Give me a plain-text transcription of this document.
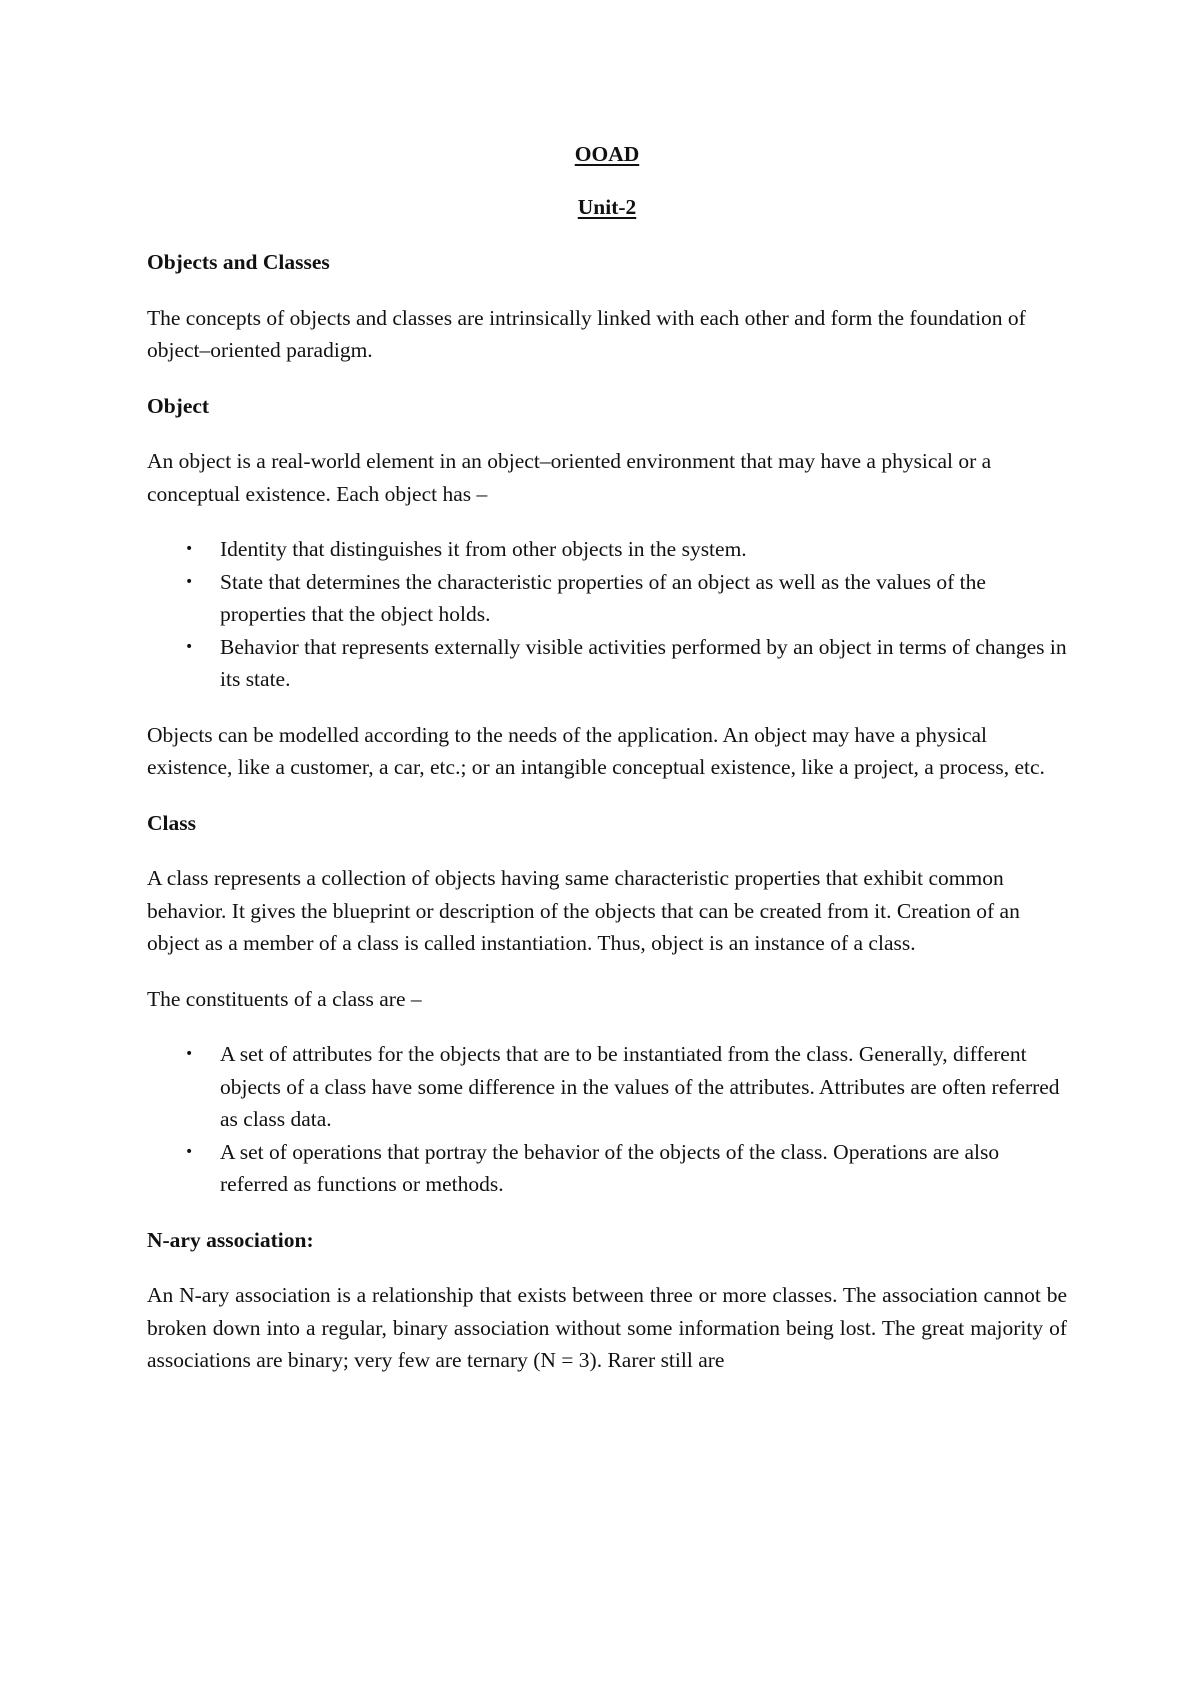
OOAD
Unit-2
Objects and Classes

The concepts of objects and classes are intrinsically linked with each other and form the foundation of object–oriented paradigm.

Object

An object is a real-world element in an object–oriented environment that may have a physical or a conceptual existence. Each object has –

• Identity that distinguishes it from other objects in the system.
• State that determines the characteristic properties of an object as well as the values of the properties that the object holds.
• Behavior that represents externally visible activities performed by an object in terms of changes in its state.

Objects can be modelled according to the needs of the application. An object may have a physical existence, like a customer, a car, etc.; or an intangible conceptual existence, like a project, a process, etc.

Class

A class represents a collection of objects having same characteristic properties that exhibit common behavior. It gives the blueprint or description of the objects that can be created from it. Creation of an object as a member of a class is called instantiation. Thus, object is an instance of a class.

The constituents of a class are –

• A set of attributes for the objects that are to be instantiated from the class. Generally, different objects of a class have some difference in the values of the attributes. Attributes are often referred as class data.
• A set of operations that portray the behavior of the objects of the class. Operations are also referred as functions or methods.
N-ary association:

An N-ary association is a relationship that exists between three or more classes. The association cannot be broken down into a regular, binary association without some information being lost. The great majority of associations are binary; very few are ternary (N = 3). Rarer still are
